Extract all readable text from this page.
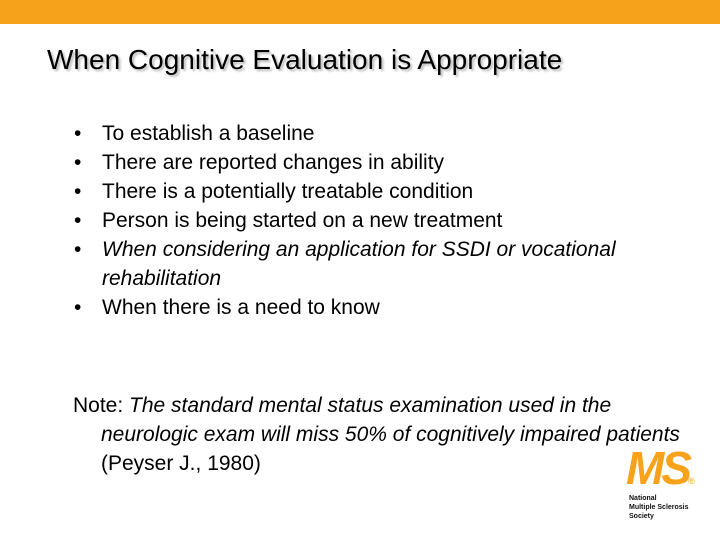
When Cognitive Evaluation is Appropriate
• To establish a baseline
• There are reported changes in ability
• There is a potentially treatable condition
• Person is being started on a new treatment
• When considering an application for SSDI or vocational rehabilitation
• When there is a need to know
Note: The standard mental status examination used in the neurologic exam will miss 50% of cognitively impaired patients (Peyser J., 1980)	MS ®
National
Multiple Sclerosis
Society
